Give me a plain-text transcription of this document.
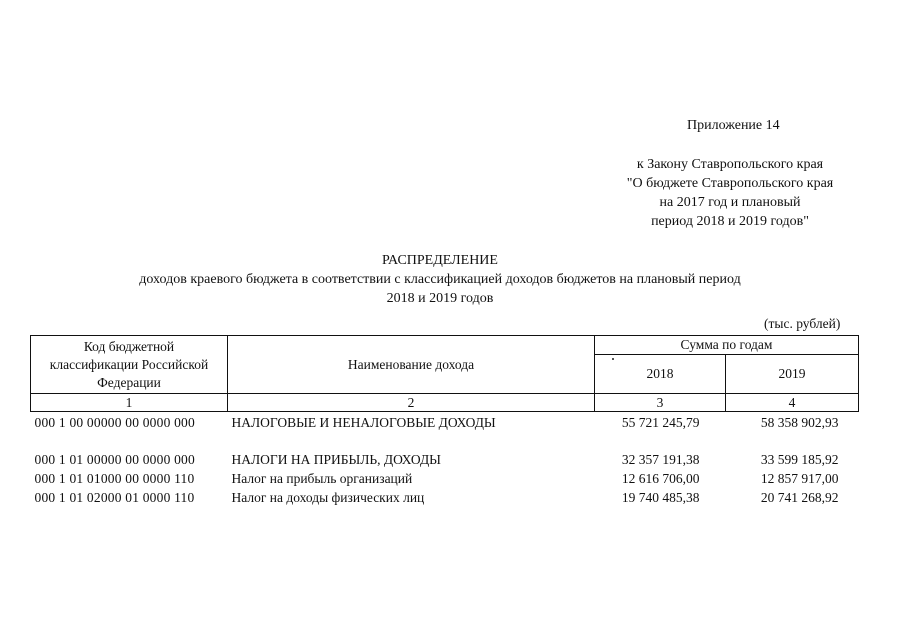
Приложение 14
к Закону Ставропольского края
"О бюджете Ставропольского края
на 2017 год и плановый
период 2018 и 2019 годов"
РАСПРЕДЕЛЕНИЕ
доходов краевого бюджета в соответствии с классификацией доходов бюджетов на плановый период
2018 и 2019 годов
(тыс. рублей)
Код бюджетной
классификации Российской
Федерации	Наименование дохода	Сумма по годам	
		2018	2019
1	2	3	4
000 1 00 00000 00 0000 000	НАЛОГОВЫЕ И НЕНАЛОГОВЫЕ ДОХОДЫ	55 721 245,79	58 358 902,93

000 1 01 00000 00 0000 000	НАЛОГИ НА ПРИБЫЛЬ, ДОХОДЫ	32 357 191,38	33 599 185,92
000 1 01 01000 00 0000 110	Налог на прибыль организаций	12 616 706,00	12 857 917,00
000 1 01 02000 01 0000 110	Налог на доходы физических лиц	19 740 485,38	20 741 268,92
